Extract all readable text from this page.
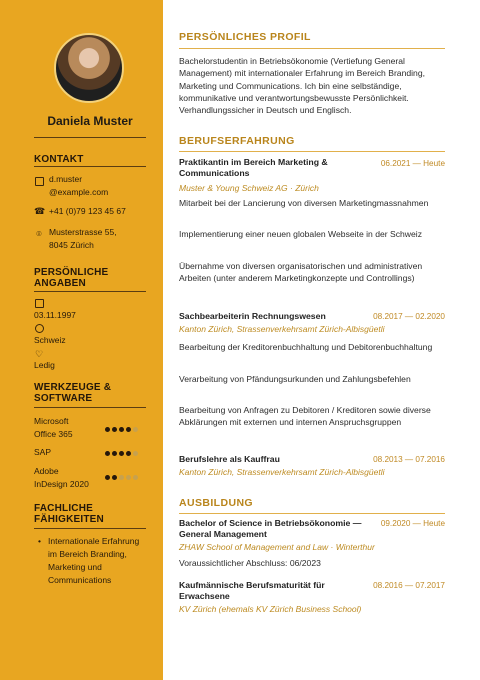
Daniela Muster
KONTAKT
d.muster
@example.com
☎ +41 (0)79 123 45 67
⌾ Musterstrasse 55,
8045 Zürich
PERSÖNLICHE
ANGABEN
03.11.1997
Schweiz
♡
Ledig
WERKZEUGE &
SOFTWARE
Microsoft
Office 365
SAP
Adobe
InDesign 2020
FACHLICHE
FÄHIGKEITEN
• Internationale Erfahrung im Bereich Branding, Marketing und Communications
PERSÖNLICHES PROFIL
Bachelorstudentin in Betriebsökonomie (Vertiefung General Management) mit internationaler Erfahrung im Bereich Branding, Marketing und Communications. Ich bin eine selbständige, kommunikative und verantwortungsbewusste Persönlichkeit. Verhandlungssicher in Deutsch und Englisch.
BERUFSERFAHRUNG
Praktikantin im Bereich Marketing & Communications
06.2021 — Heute
Muster & Young Schweiz AG · Zürich
Mitarbeit bei der Lancierung von diversen Marketingmassnahmen
Implementierung einer neuen globalen Webseite in der Schweiz
Übernahme von diversen organisatorischen und administrativen Arbeiten (unter anderem Marketingkonzepte und Controllings)
Sachbearbeiterin Rechnungswesen	08.2017 — 02.2020
Kanton Zürich, Strassenverkehrsamt Zürich-Albisgüetli
Bearbeitung der Kreditorenbuchhaltung und Debitorenbuchhaltung
Verarbeitung von Pfändungsurkunden und Zahlungsbefehlen
Bearbeitung von Anfragen zu Debitoren / Kreditoren sowie diverse Abklärungen mit externen und internen Anspruchsgruppen
Berufslehre als Kauffrau	08.2013 — 07.2016
Kanton Zürich, Strassenverkehrsamt Zürich-Albisgüetli
AUSBILDUNG
Bachelor of Science in Betriebsökonomie — General Management
09.2020 — Heute
ZHAW School of Management and Law · Winterthur
Voraussichtlicher Abschluss: 06/2023
Kaufmännische Berufsmaturität für Erwachsene
08.2016 — 07.2017
KV Zürich (ehemals KV Zürich Business School)
